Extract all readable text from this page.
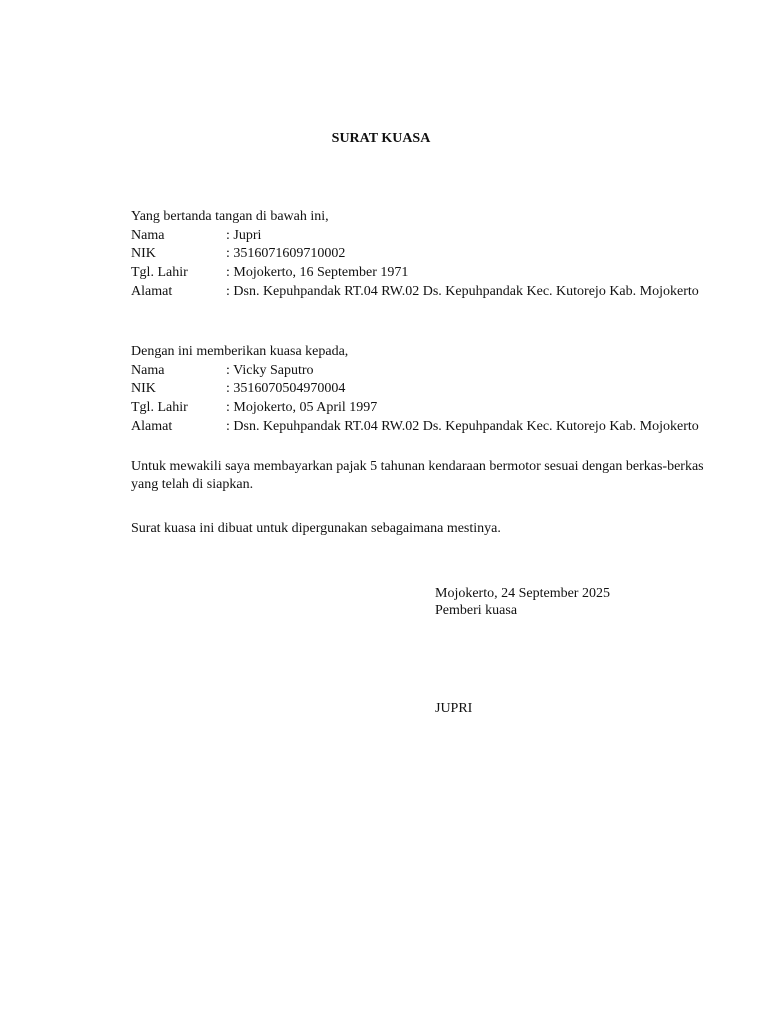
SURAT KUASA
Yang bertanda tangan di bawah ini,
Nama	: Jupri
NIK	: 3516071609710002
Tgl. Lahir	: Mojokerto, 16 September 1971
Alamat	: Dsn. Kepuhpandak RT.04 RW.02 Ds. Kepuhpandak Kec. Kutorejo Kab. Mojokerto
Dengan ini memberikan kuasa kepada,
Nama	: Vicky Saputro
NIK	: 3516070504970004
Tgl. Lahir	: Mojokerto, 05 April 1997
Alamat	: Dsn. Kepuhpandak RT.04 RW.02 Ds. Kepuhpandak Kec. Kutorejo Kab. Mojokerto
Untuk mewakili saya membayarkan pajak 5 tahunan kendaraan bermotor sesuai dengan berkas-berkas yang telah di siapkan.
Surat kuasa ini dibuat untuk dipergunakan sebagaimana mestinya.
Mojokerto, 24 September 2025
Pemberi kuasa
JUPRI
